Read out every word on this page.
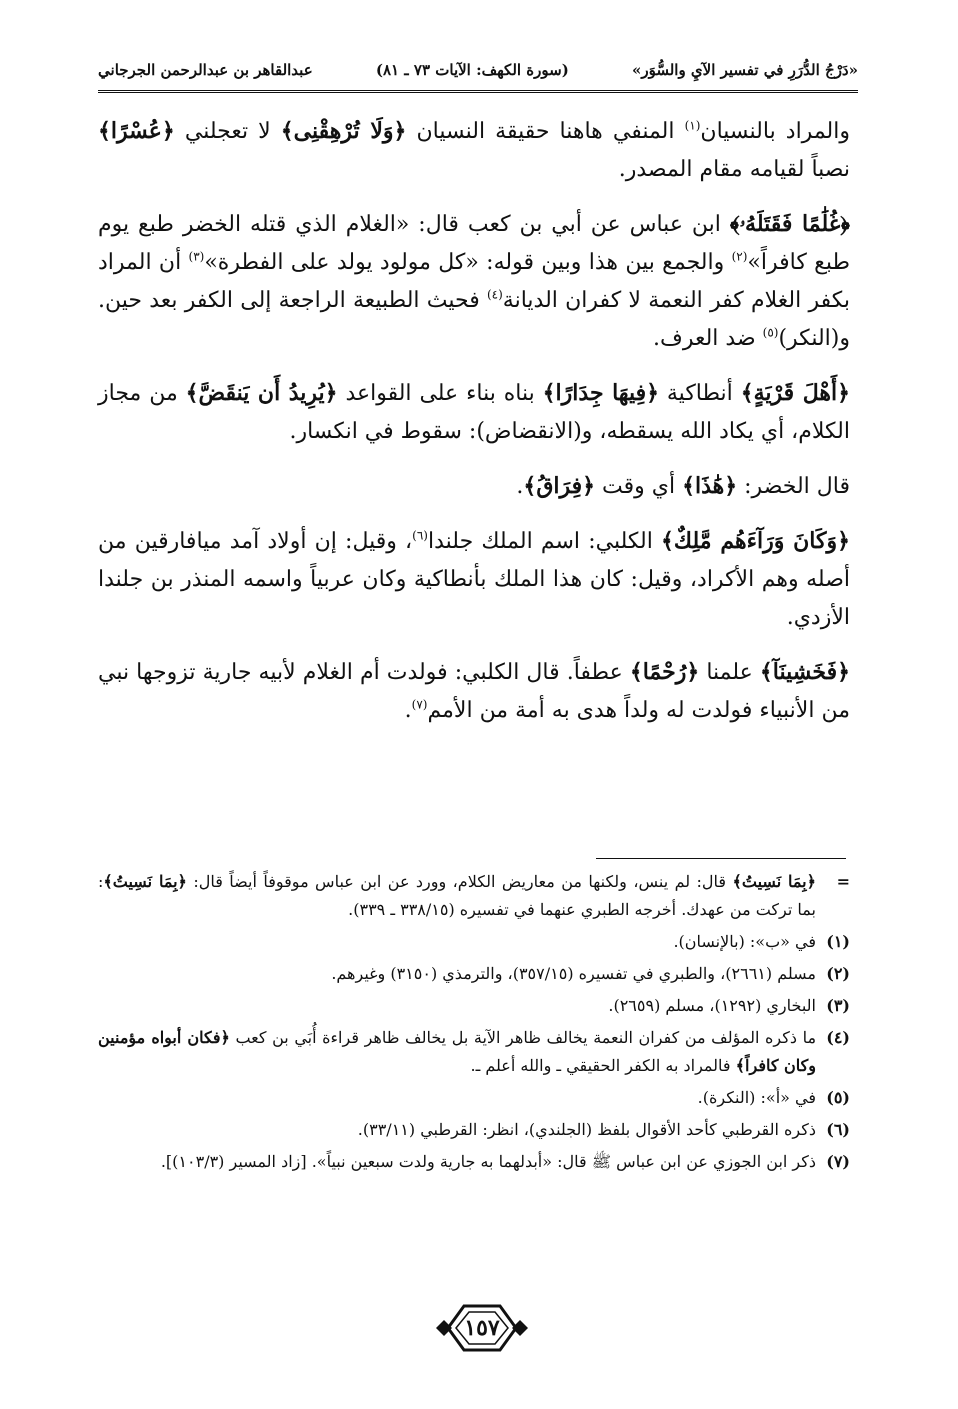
«دَرْجُ الدُّرَرِ في تفسير الآيِ والسُّوَر»
(سورة الكهف: الآيات ٧٣ ـ ٨١)
عبدالقاهر بن عبدالرحمن الجرجاني

والمراد بالنسيان$^{(١)}$ المنفي هاهنا حقيقة النسيان ﴿وَلَا تُرْهِقْنِى﴾ لا تعجلني ﴿عُسْرًا﴾ نصباً لقيامه مقام المصدر.

﴿غُلَٰمًا فَقَتَلَهُۥ﴾ ابن عباس عن أبي بن كعب قال: «الغلام الذي قتله الخضر طبع يوم طبع كافراً»$^{(٢)}$ والجمع بين هذا وبين قوله: «كل مولود يولد على الفطرة»$^{(٣)}$ أن المراد بكفر الغلام كفر النعمة لا كفران الديانة$^{(٤)}$ فحيث الطبيعة الراجعة إلى الكفر بعد حين. و(النكر)$^{(٥)}$ ضد العرف.

﴿أَهْلَ قَرْيَةٍ﴾ أنطاكية ﴿فِيهَا جِدَارًا﴾ بناه بناء على القواعد ﴿يُرِيدُ أَن يَنقَضَّ﴾ من مجاز الكلام، أي يكاد الله يسقطه، و(الانقضاض): سقوط في انكسار.

قال الخضر: ﴿هَٰذَا﴾ أي وقت ﴿فِرَاقُ﴾.

﴿وَكَانَ وَرَآءَهُم مَّلِكٌ﴾ الكلبي: اسم الملك جلندا$^{(٦)}$، وقيل: إن أولاد آمد ميافارقين من أصله وهم الأكراد، وقيل: كان هذا الملك بأنطاكية وكان عربياً واسمه المنذر بن جلندا الأزدي.

﴿فَخَشِينَآ﴾ علمنا ﴿رُحْمًا﴾ عطفاً. قال الكلبي: فولدت أم الغلام لأبيه جارية تزوجها نبي من الأنبياء فولدت له ولداً هدى به أمة من الأمم$^{(٧)}$.

=
﴿بِمَا نَسِيتُ﴾ قال: لم ينس، ولكنها من معاريض الكلام، وورد عن ابن عباس موقوفاً أيضاً قال: ﴿بِمَا نَسِيتُ﴾: بما تركت من عهدك. أخرجه الطبري عنهما في تفسيره (٣٣٨/١٥ ـ ٣٣٩).
(١)
في «ب»: (بالإنسان).
(٢)
مسلم (٢٦٦١)، والطبري في تفسيره (٣٥٧/١٥)، والترمذي (٣١٥٠) وغيرهم.
(٣)
البخاري (١٢٩٢)، مسلم (٢٦٥٩).
(٤)
ما ذكره المؤلف من كفران النعمة يخالف ظاهر الآية بل يخالف ظاهر قراءة أُبَي بن كعب ﴿فكان أبواه مؤمنين وكان كافراً﴾ فالمراد به الكفر الحقيقي ـ والله أعلم ـ.
(٥)
في «أ»: (النكرة).
(٦)
ذكره القرطبي كأحد الأقوال بلفظ (الجلندي)، انظر: القرطبي (٣٣/١١).
(٧)
ذكر ابن الجوزي عن ابن عباس ﷺ قال: «أبدلهما به جارية ولدت سبعين نبياً». [زاد المسير (١٠٣/٣)].
١٥٧
